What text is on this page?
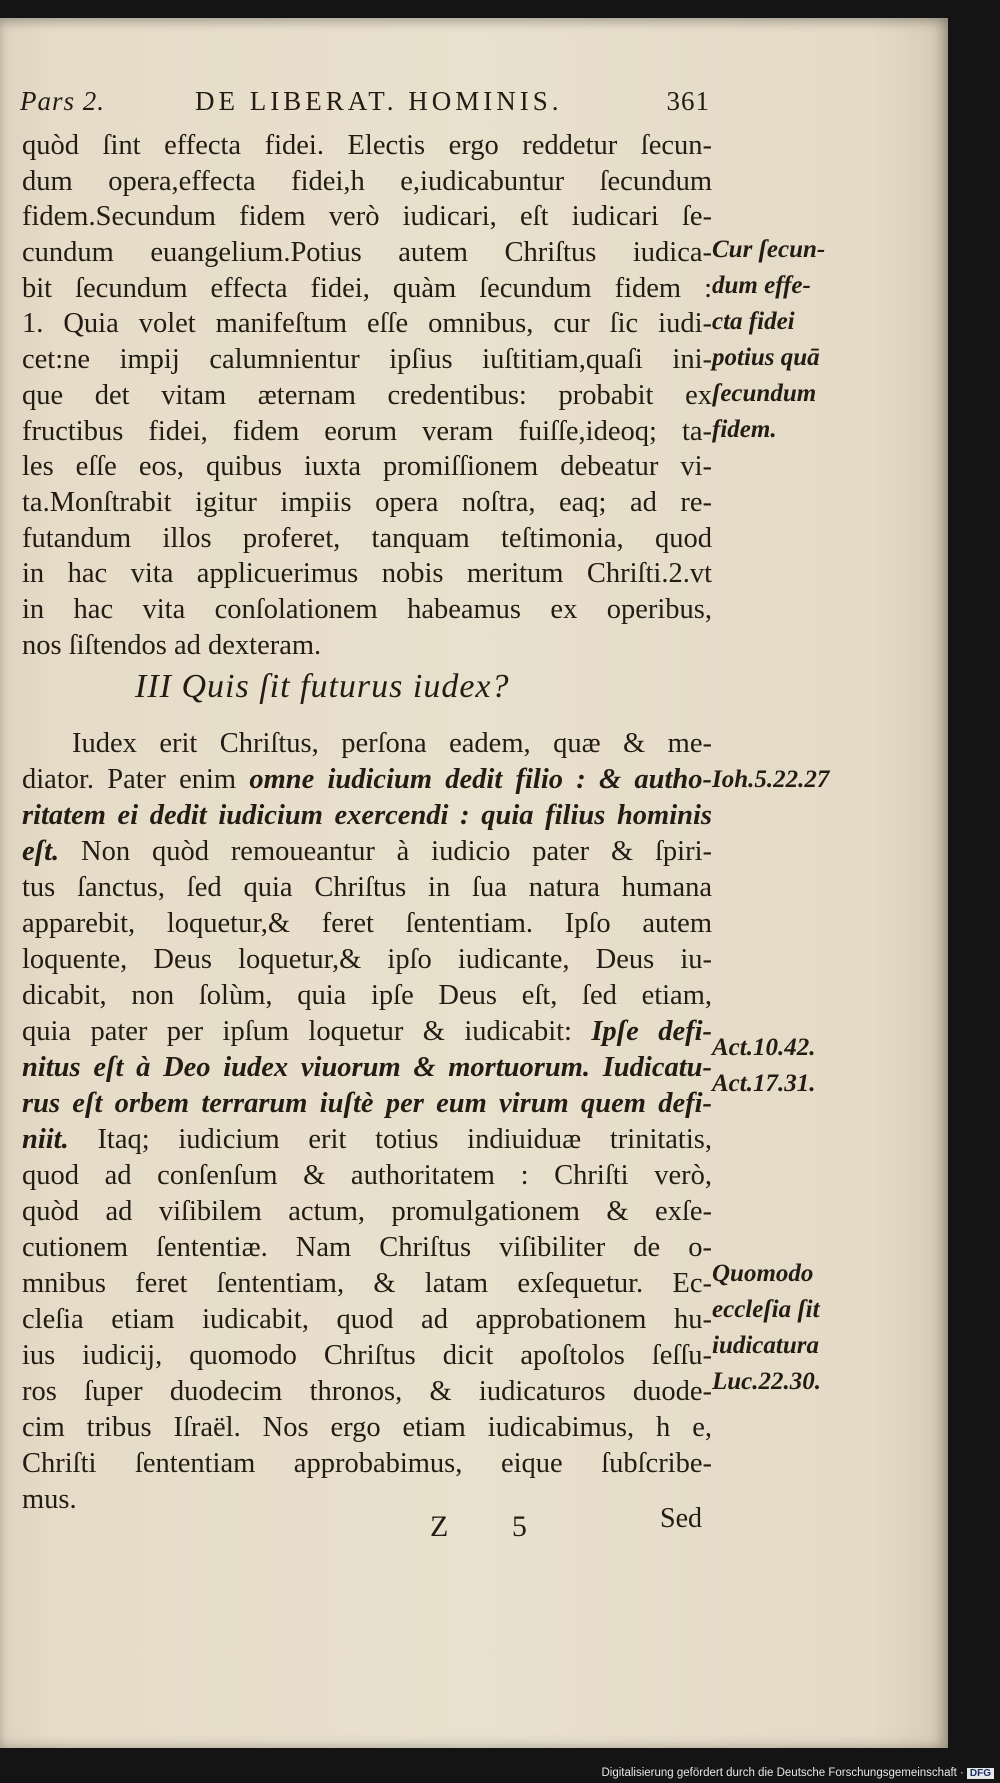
Pars 2.	DE LIBERAT. HOMINIS.	361
quòd ſint effecta fidei. Electis ergo reddetur ſecun-
dum opera,effecta fidei,h e,iudicabuntur ſecundum
fidem.Secundum fidem verò iudicari, eſt iudicari ſe-
cundum euangelium.Potius autem Chriſtus iudica-
bit ſecundum effecta fidei, quàm ſecundum fidem :
1. Quia volet manifeſtum eſſe omnibus, cur ſic iudi-
cet:ne impij calumnientur ipſius iuſtitiam,quaſi ini-
que det vitam æternam credentibus: probabit ex
fructibus fidei, fidem eorum veram fuiſſe,ideoq; ta-
les eſſe eos, quibus iuxta promiſſionem debeatur vi-
ta.Monſtrabit igitur impiis opera noſtra, eaq; ad re-
futandum illos proferet, tanquam teſtimonia, quod
in hac vita applicuerimus nobis meritum Chriſti.2.vt
in hac vita conſolationem habeamus ex operibus,
nos ſiſtendos ad dexteram.
III Quis ſit futurus iudex?
Iudex erit Chriſtus, perſona eadem, quæ & me-
diator. Pater enim omne iudicium dedit filio : & autho-
ritatem ei dedit iudicium exercendi : quia filius hominis
eſt. Non quòd remoueantur à iudicio pater & ſpiri-
tus ſanctus, ſed quia Chriſtus in ſua natura humana
apparebit, loquetur,& feret ſententiam. Ipſo autem
loquente, Deus loquetur,& ipſo iudicante, Deus iu-
dicabit, non ſolùm, quia ipſe Deus eſt, ſed etiam,
quia pater per ipſum loquetur & iudicabit: Ipſe defi-
nitus eſt à Deo iudex viuorum & mortuorum. Iudicatu-
rus eſt orbem terrarum iuſtè per eum virum quem defi-
niit. Itaq; iudicium erit totius indiuiduæ trinitatis,
quod ad conſenſum & authoritatem : Chriſti verò,
quòd ad viſibilem actum, promulgationem & exſe-
cutionem ſententiæ. Nam Chriſtus viſibiliter de o-
mnibus feret ſententiam, & latam exſequetur. Ec-
cleſia etiam iudicabit, quod ad approbationem hu-
ius iudicij, quomodo Chriſtus dicit apoſtolos ſeſſu-
ros ſuper duodecim thronos, & iudicaturos duode-
cim tribus Iſraël. Nos ergo etiam iudicabimus, h e,
Chriſti ſententiam approbabimus, eique ſubſcribe-
mus.
Cur ſecun-
dum effe-
cta fidei
potius quā
ſecundum
fidem.
Ioh.5.22.27
Act.10.42.
Act.17.31.
Quomodo
eccleſia ſit
iudicatura
Luc.22.30.
Z 5	Sed
Digitalisierung gefördert durch die Deutsche Forschungsgemeinschaft · DFG
